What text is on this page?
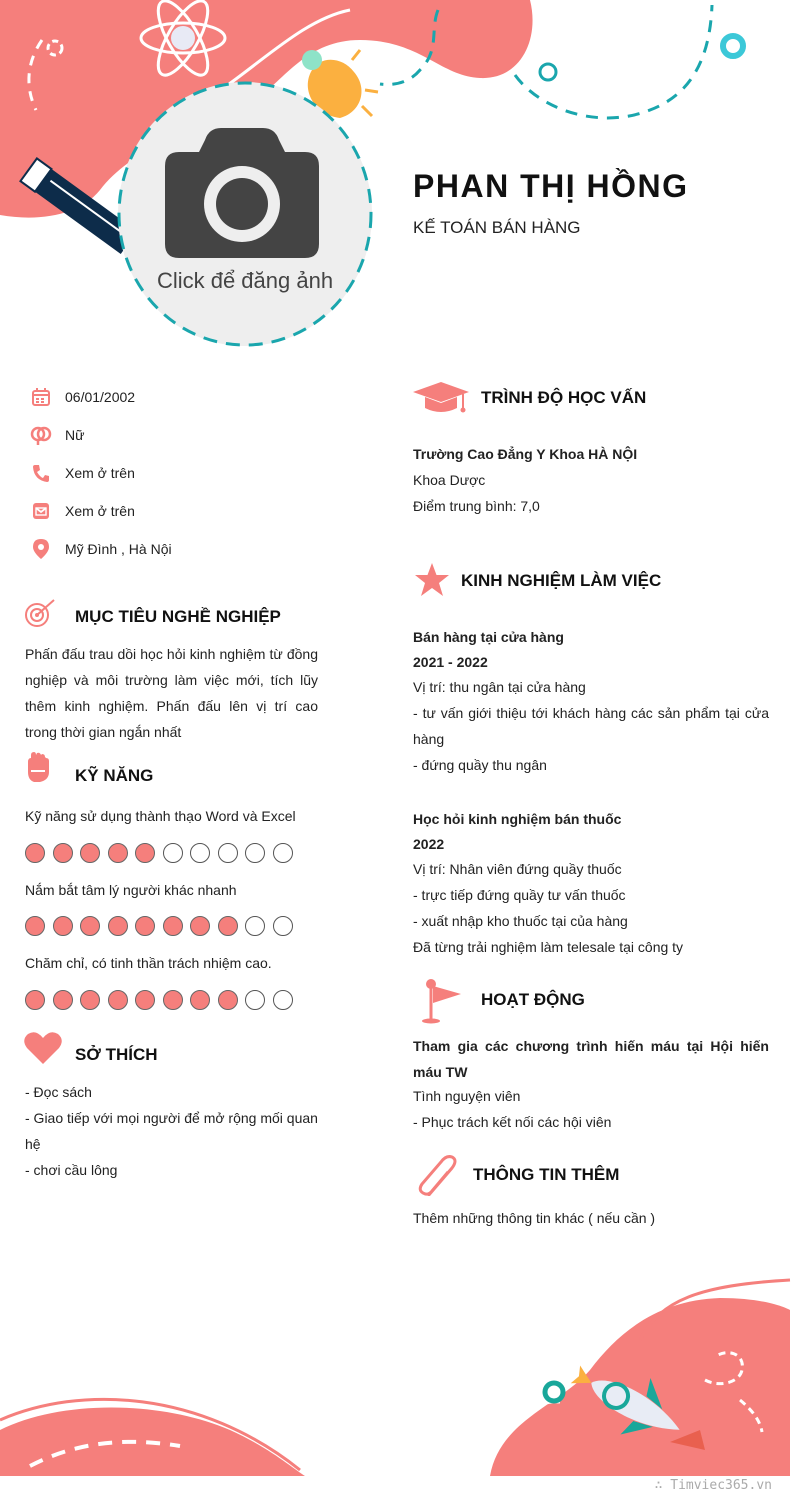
Click để đăng ảnh
PHAN THỊ HỒNG
KẾ TOÁN BÁN HÀNG
06/01/2002
Nữ
Xem ở trên
Xem ở trên
Mỹ Đình , Hà Nội
MỤC TIÊU NGHỀ NGHIỆP
Phấn đấu trau dồi học hỏi kinh nghiệm từ đồng nghiệp và môi trường làm việc mới, tích lũy thêm kinh nghiệm. Phấn đấu lên vị trí cao trong thời gian ngắn nhất
KỸ NĂNG
Kỹ năng sử dụng thành thạo Word và Excel
Nắm bắt tâm lý người khác nhanh
Chăm chỉ, có tinh thần trách nhiệm cao.
SỞ THÍCH
- Đọc sách
- Giao tiếp với mọi người để mở rộng mối quan hệ
- chơi cầu lông
TRÌNH ĐỘ HỌC VẤN
Trường Cao Đẳng Y Khoa HÀ NỘI
Khoa Dược
Điểm trung bình: 7,0
KINH NGHIỆM LÀM VIỆC
Bán hàng tại cửa hàng
2021 - 2022
Vị trí: thu ngân tại cửa hàng
- tư vấn giới thiệu tới khách hàng các sản phẩm tại cửa hàng
- đứng quầy thu ngân
Học hỏi kinh nghiệm bán thuốc
2022
Vị trí: Nhân viên đứng quầy thuốc
- trực tiếp đứng quầy tư vấn thuốc
- xuất nhập kho thuốc tại của hàng
Đã từng trải nghiệm làm telesale tại công ty
HOẠT ĐỘNG
Tham gia các chương trình hiến máu tại Hội hiến máu TW
Tình nguyện viên
- Phục trách kết nối các hội viên
THÔNG TIN THÊM
Thêm những thông tin khác ( nếu cần )
∴ Timviec365.vn
